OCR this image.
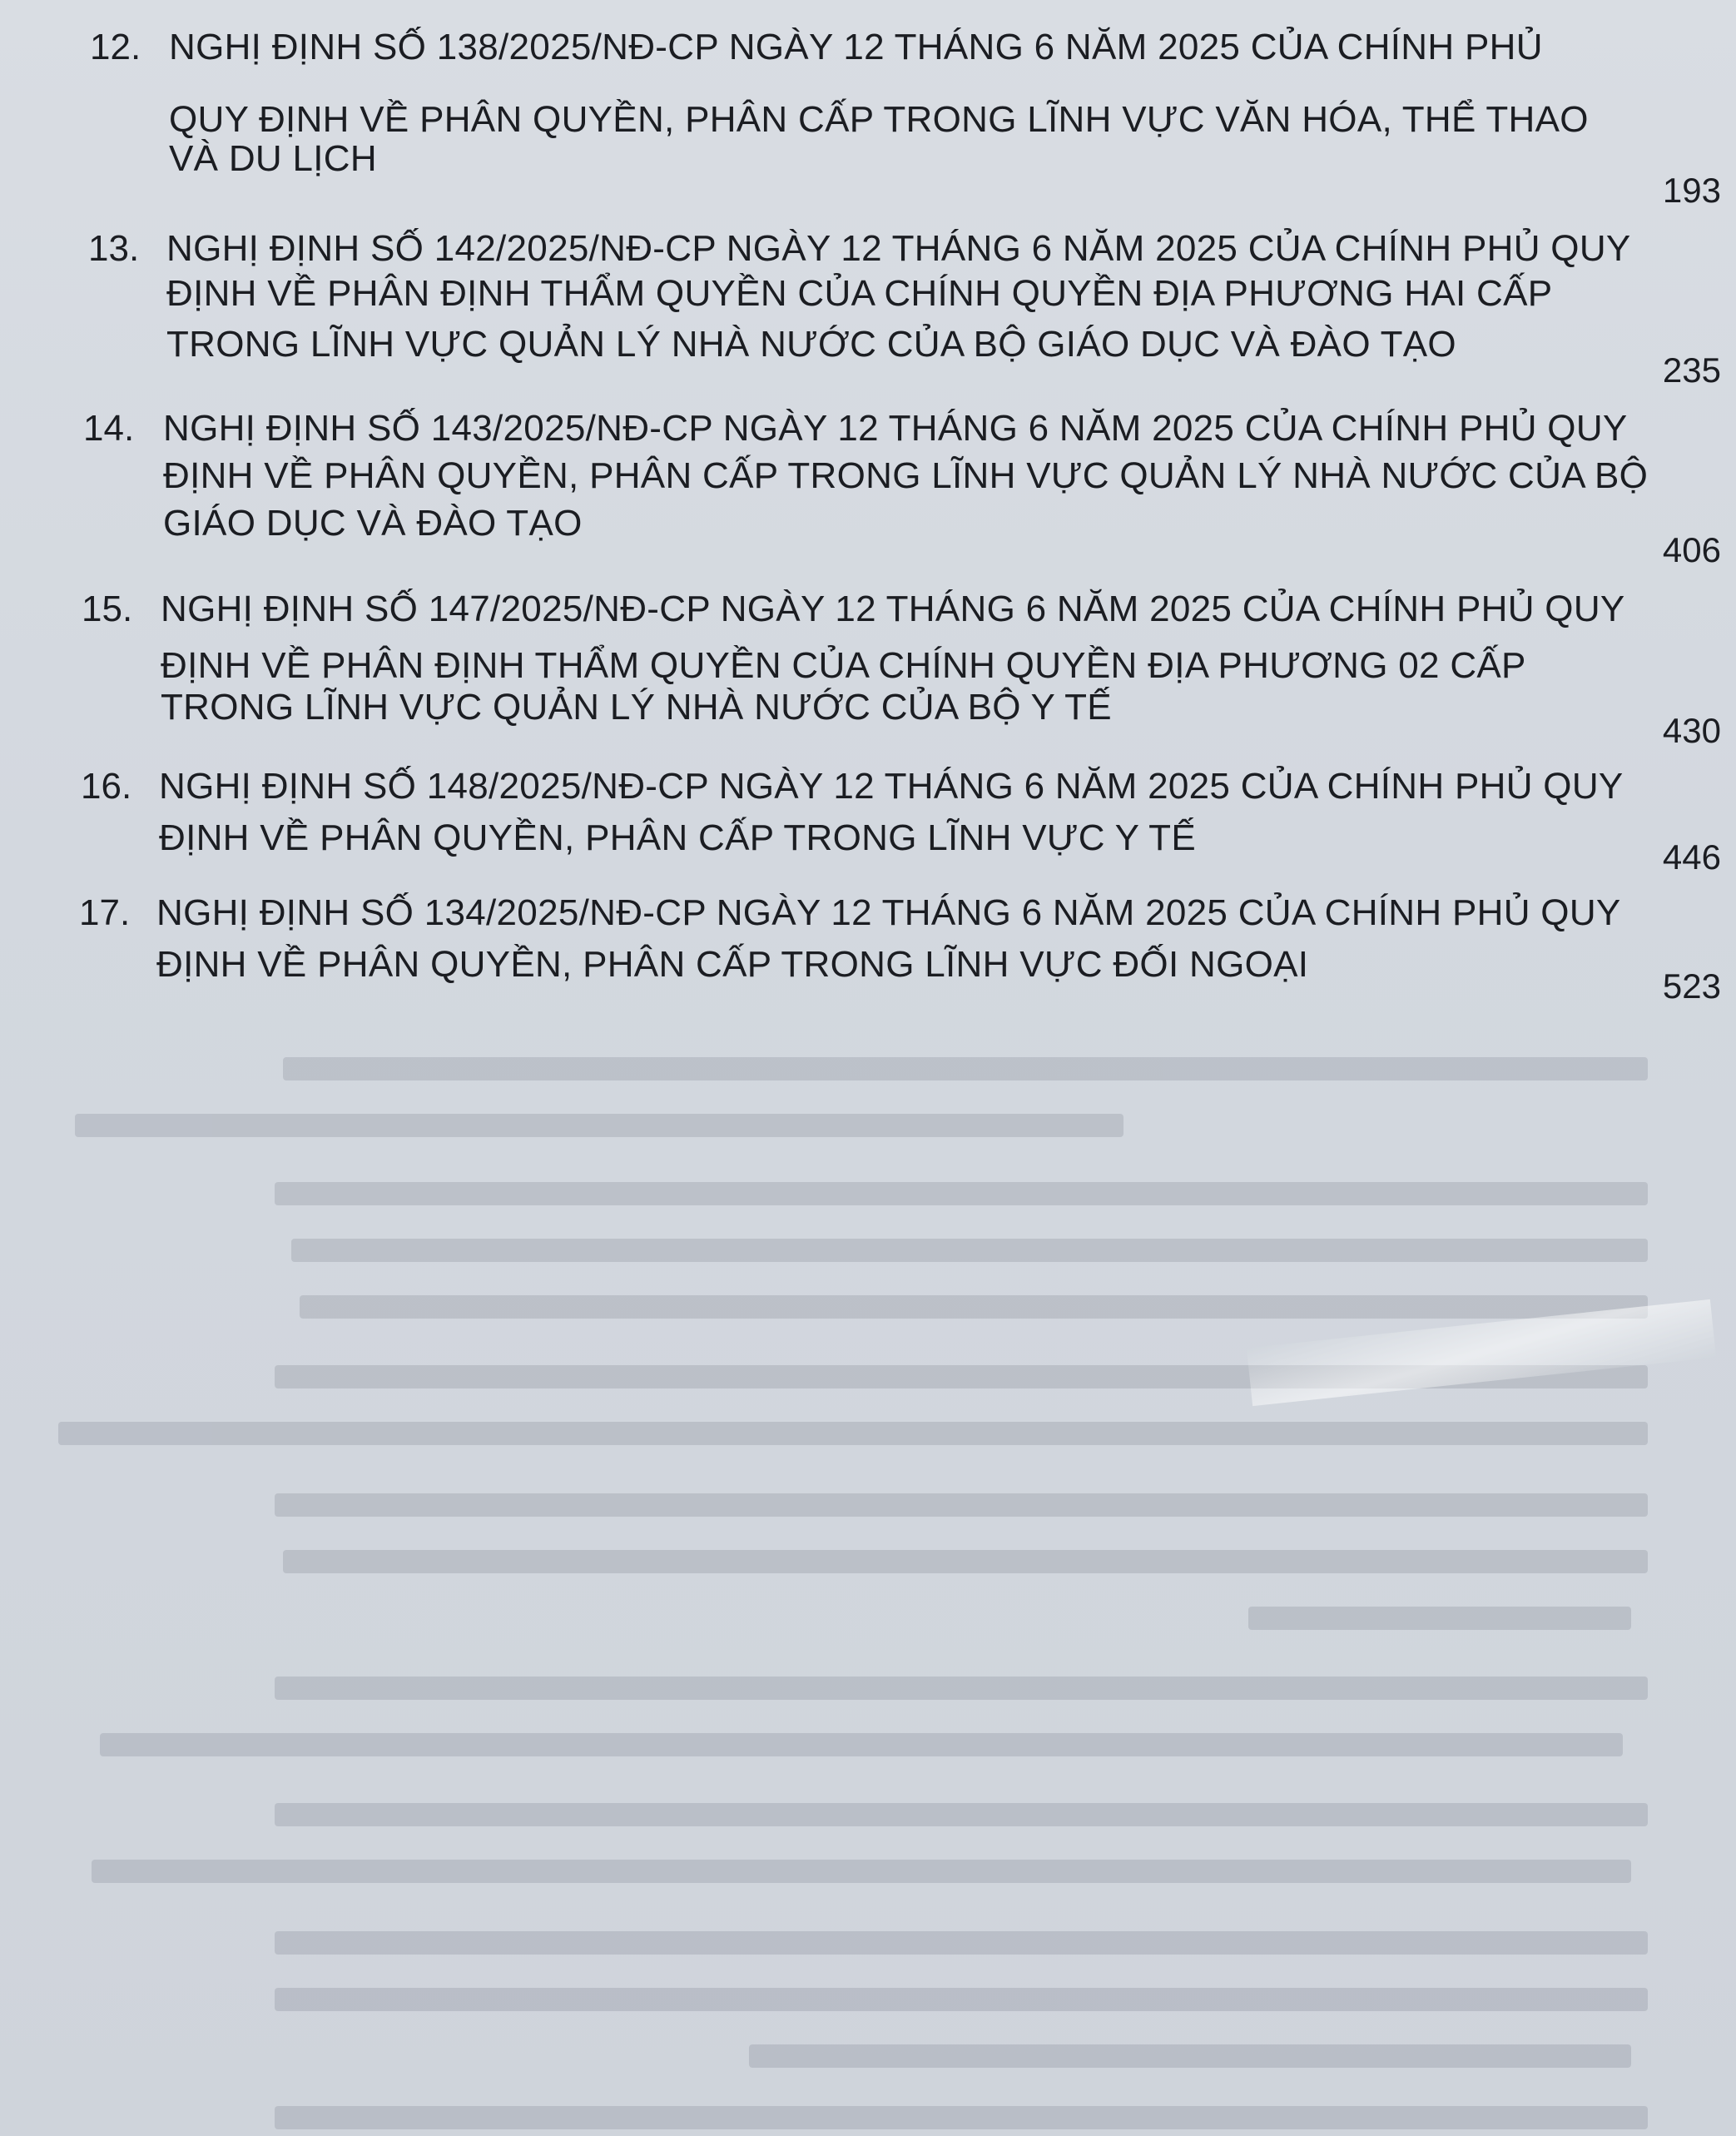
12. NGHỊ ĐỊNH SỐ 138/2025/NĐ-CP NGÀY 12 THÁNG 6 NĂM 2025 CỦA CHÍNH PHỦ
QUY ĐỊNH VỀ PHÂN QUYỀN, PHÂN CẤP TRONG LĨNH VỰC VĂN HÓA, THỂ THAO
VÀ DU LỊCH
193
13. NGHỊ ĐỊNH SỐ 142/2025/NĐ-CP NGÀY 12 THÁNG 6 NĂM 2025 CỦA CHÍNH PHỦ QUY
ĐỊNH VỀ PHÂN ĐỊNH THẨM QUYỀN CỦA CHÍNH QUYỀN ĐỊA PHƯƠNG HAI CẤP
TRONG LĨNH VỰC QUẢN LÝ NHÀ NƯỚC CỦA BỘ GIÁO DỤC VÀ ĐÀO TẠO
235
14. NGHỊ ĐỊNH SỐ 143/2025/NĐ-CP NGÀY 12 THÁNG 6 NĂM 2025 CỦA CHÍNH PHỦ QUY
ĐỊNH VỀ PHÂN QUYỀN, PHÂN CẤP TRONG LĨNH VỰC QUẢN LÝ NHÀ NƯỚC CỦA BỘ
GIÁO DỤC VÀ ĐÀO TẠO
406
15. NGHỊ ĐỊNH SỐ 147/2025/NĐ-CP NGÀY 12 THÁNG 6 NĂM 2025 CỦA CHÍNH PHỦ QUY
ĐỊNH VỀ PHÂN ĐỊNH THẨM QUYỀN CỦA CHÍNH QUYỀN ĐỊA PHƯƠNG 02 CẤP
TRONG LĨNH VỰC QUẢN LÝ NHÀ NƯỚC CỦA BỘ Y TẾ
430
16. NGHỊ ĐỊNH SỐ 148/2025/NĐ-CP NGÀY 12 THÁNG 6 NĂM 2025 CỦA CHÍNH PHỦ QUY
ĐỊNH VỀ PHÂN QUYỀN, PHÂN CẤP TRONG LĨNH VỰC Y TẾ	446
17. NGHỊ ĐỊNH SỐ 134/2025/NĐ-CP NGÀY 12 THÁNG 6 NĂM 2025 CỦA CHÍNH PHỦ QUY
ĐỊNH VỀ PHÂN QUYỀN, PHÂN CẤP TRONG LĨNH VỰC ĐỐI NGOẠI
523
